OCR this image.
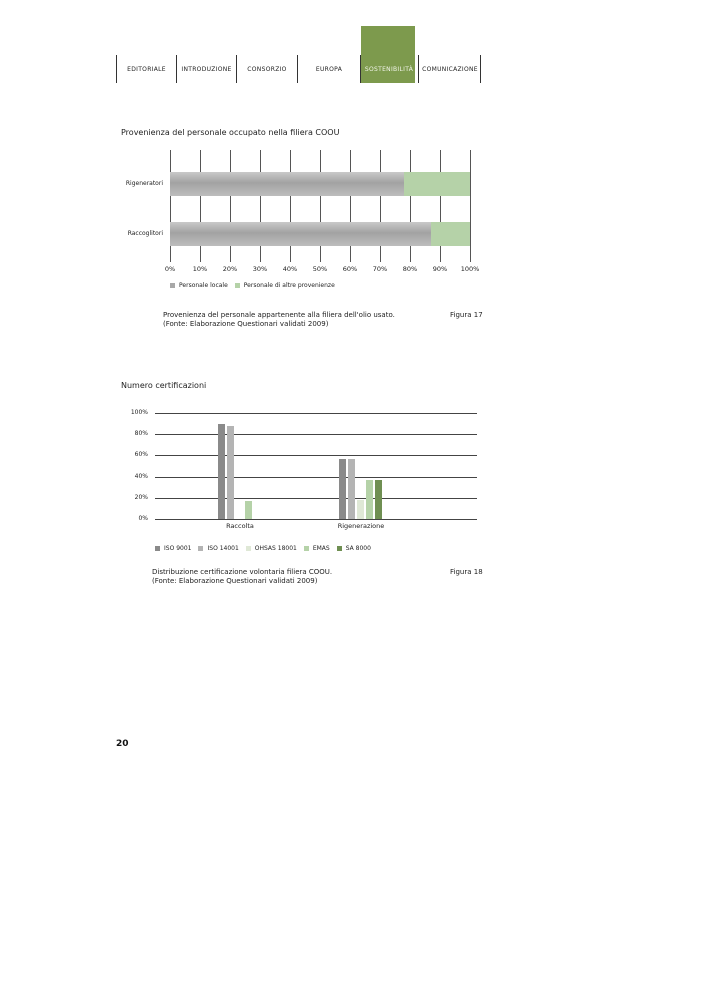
EDITORIALE	INTRODUZIONE	CONSORZIO	EUROPA	SOSTENIBILITÀ	COMUNICAZIONE
Provenienza del personale occupato nella filiera COOU
Rigeneratori
Raccoglitori
0%	10%	20%	30%	40%	50%	60%	70%	80%	90%	100%
Personale locale	Personale di altre provenienze
Provenienza del personale appartenente alla filiera dell'olio usato.
(Fonte: Elaborazione Questionari validati 2009)
Figura 17
Numero certificazioni
100%
80%
60%
40%
20%
0%
Raccolta	Rigenerazione
ISO 9001	ISO 14001	OHSAS 18001	EMAS	SA 8000
Distribuzione certificazione volontaria filiera COOU.
(Fonte: Elaborazione Questionari validati 2009)
Figura 18
20
